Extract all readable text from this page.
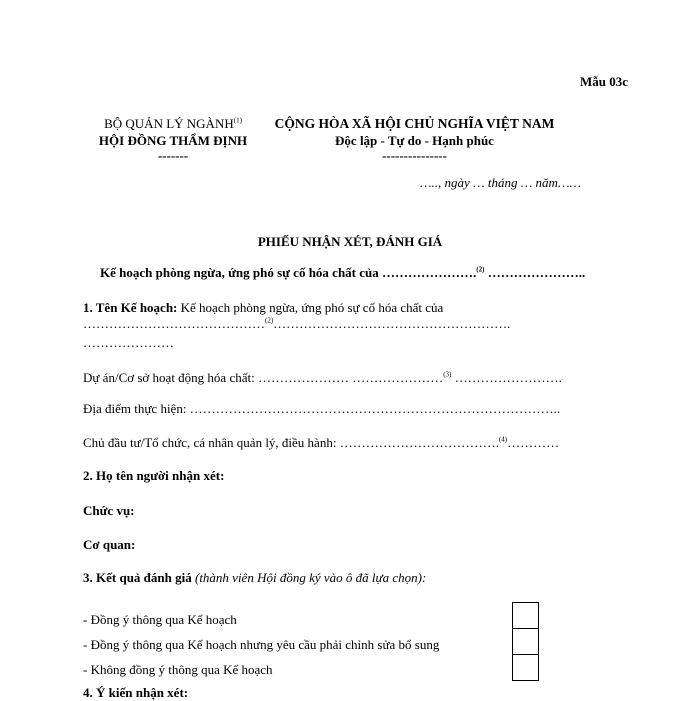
Mẫu 03c
BỘ QUẢN LÝ NGÀNH$^{(1)}$
HỘI ĐỒNG THẨM ĐỊNH
-------
CỘNG HÒA XÃ HỘI CHỦ NGHĨA VIỆT NAM
Độc lập - Tự do - Hạnh phúc
---------------
….., ngày … tháng … năm……
PHIẾU NHẬN XÉT, ĐÁNH GIÁ
Kế hoạch phòng ngừa, ứng phó sự cố hóa chất của ………………….$^{(2)}$ …………………..
1. Tên Kế hoạch: Kế hoạch phòng ngừa, ứng phó sự cố hóa chất của
……………………………………$^{(2)}$……………………………………………….
…………………
Dự án/Cơ sở hoạt động hóa chất: ………………… …………………$^{(3)}$ …………………….
Địa điểm thực hiện: …………………………………………………………………………..
Chủ đầu tư/Tổ chức, cá nhân quản lý, điều hành: ……………………………….$^{(4)}$…………
2. Họ tên người nhận xét:
Chức vụ:
Cơ quan:
3. Kết quả đánh giá (thành viên Hội đồng ký vào ô đã lựa chọn):
- Đồng ý thông qua Kế hoạch
- Đồng ý thông qua Kế hoạch nhưng yêu cầu phải chỉnh sửa bổ sung
- Không đồng ý thông qua Kế hoạch
4. Ý kiến nhận xét:
